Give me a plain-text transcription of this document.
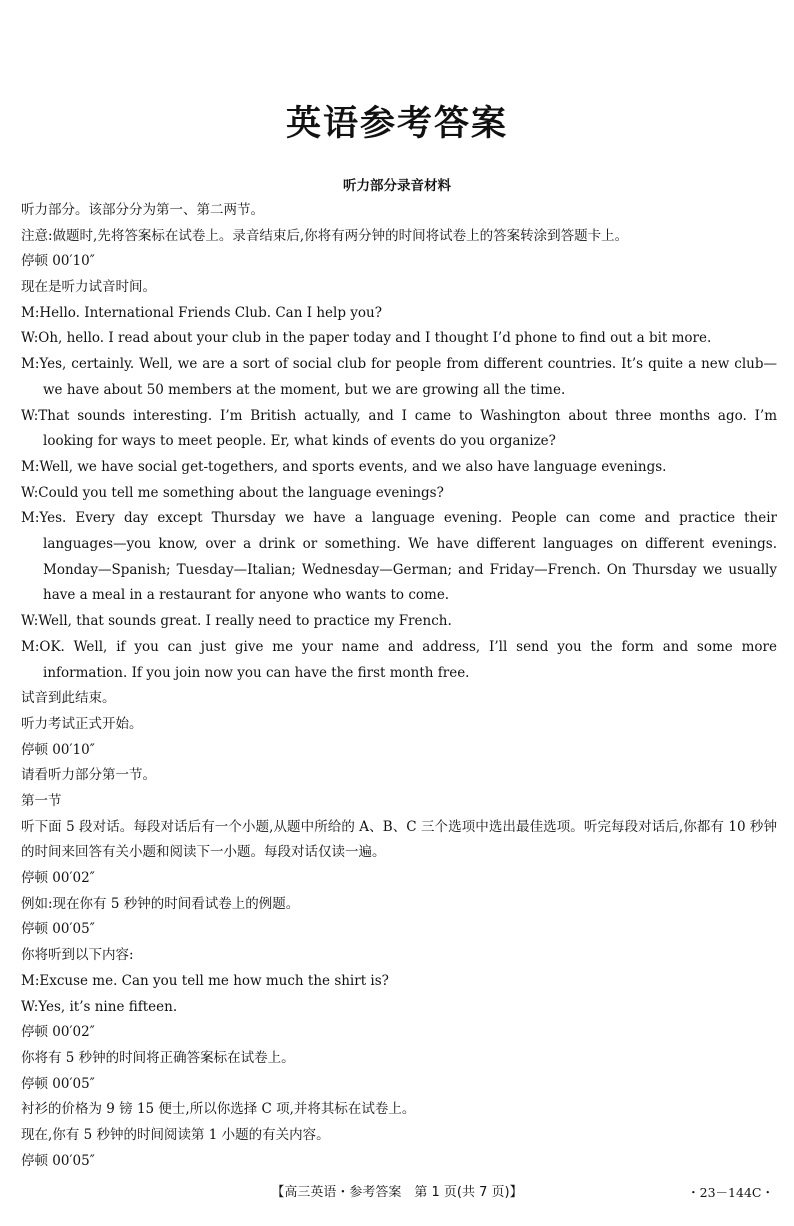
英语参考答案
听力部分录音材料
听力部分。该部分分为第一、第二两节。
注意:做题时,先将答案标在试卷上。录音结束后,你将有两分钟的时间将试卷上的答案转涂到答题卡上。
停顿 00′10″
现在是听力试音时间。
M:Hello. International Friends Club. Can I help you?
W:Oh, hello. I read about your club in the paper today and I thought I’d phone to find out a bit more.
M:Yes, certainly. Well, we are a sort of social club for people from different countries. It’s quite a new club—we have about 50 members at the moment, but we are growing all the time.
W:That sounds interesting. I’m British actually, and I came to Washington about three months ago. I’m looking for ways to meet people. Er, what kinds of events do you organize?
M:Well, we have social get-togethers, and sports events, and we also have language evenings.
W:Could you tell me something about the language evenings?
M:Yes. Every day except Thursday we have a language evening. People can come and practice their languages—you know, over a drink or something. We have different languages on different evenings. Monday—Spanish; Tuesday—Italian; Wednesday—German; and Friday—French. On Thursday we usually have a meal in a restaurant for anyone who wants to come.
W:Well, that sounds great. I really need to practice my French.
M:OK. Well, if you can just give me your name and address, I’ll send you the form and some more information. If you join now you can have the first month free.
试音到此结束。
听力考试正式开始。
停顿 00′10″
请看听力部分第一节。
第一节
听下面 5 段对话。每段对话后有一个小题,从题中所给的 A、B、C 三个选项中选出最佳选项。听完每段对话后,你都有 10 秒钟的时间来回答有关小题和阅读下一小题。每段对话仅读一遍。
停顿 00′02″
例如:现在你有 5 秒钟的时间看试卷上的例题。
停顿 00′05″
你将听到以下内容:
M:Excuse me. Can you tell me how much the shirt is?
W:Yes, it’s nine fifteen.
停顿 00′02″
你将有 5 秒钟的时间将正确答案标在试卷上。
停顿 00′05″
衬衫的价格为 9 镑 15 便士,所以你选择 C 项,并将其标在试卷上。
现在,你有 5 秒钟的时间阅读第 1 小题的有关内容。
停顿 00′05″
【高三英语・参考答案　第 1 页(共 7 页)】	・23－144C・
